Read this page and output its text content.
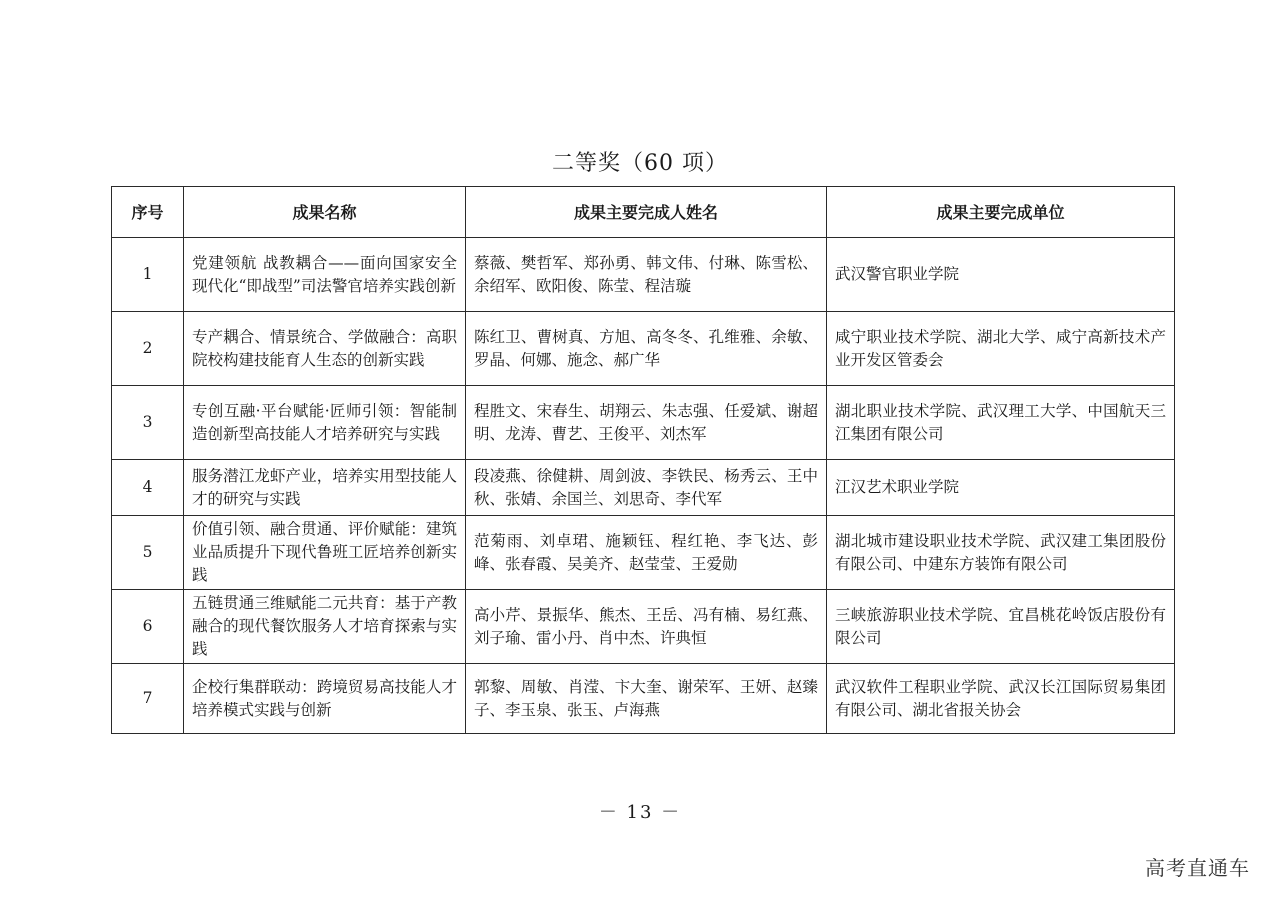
二等奖（60 项）
序号	成果名称	成果主要完成人姓名	成果主要完成单位
1	党建领航 战教耦合——面向国家安全现代化“即战型”司法警官培养实践创新	蔡薇、樊哲军、郑孙勇、韩文伟、付琳、陈雪松、余绍军、欧阳俊、陈莹、程洁璇	武汉警官职业学院
2	专产耦合、情景统合、学做融合：高职院校构建技能育人生态的创新实践	陈红卫、曹树真、方旭、高冬冬、孔维雅、余敏、罗晶、何娜、施念、郝广华	咸宁职业技术学院、湖北大学、咸宁高新技术产业开发区管委会
3	专创互融·平台赋能·匠师引领：智能制造创新型高技能人才培养研究与实践	程胜文、宋春生、胡翔云、朱志强、任爱斌、谢超明、龙涛、曹艺、王俊平、刘杰军	湖北职业技术学院、武汉理工大学、中国航天三江集团有限公司
4	服务潜江龙虾产业，培养实用型技能人才的研究与实践	段凌燕、徐健耕、周剑波、李铁民、杨秀云、王中秋、张婧、余国兰、刘思奇、李代军	江汉艺术职业学院
5	价值引领、融合贯通、评价赋能：建筑业品质提升下现代鲁班工匠培养创新实践	范菊雨、刘卓珺、施颖钰、程红艳、李飞达、彭　峰、张春霞、吴美齐、赵莹莹、王爱勋	湖北城市建设职业技术学院、武汉建工集团股份有限公司、中建东方装饰有限公司
6	五链贯通三维赋能二元共育：基于产教融合的现代餐饮服务人才培育探索与实践	高小芹、景振华、熊杰、王岳、冯有楠、易红燕、刘子瑜、雷小丹、肖中杰、许典恒	三峡旅游职业技术学院、宜昌桃花岭饭店股份有限公司
7	企校行集群联动：跨境贸易高技能人才培养模式实践与创新	郭黎、周敏、肖滢、卞大奎、谢荣军、王妍、赵臻子、李玉泉、张玉、卢海燕	武汉软件工程职业学院、武汉长江国际贸易集团有限公司、湖北省报关协会
－ 13 －
高考直通车
